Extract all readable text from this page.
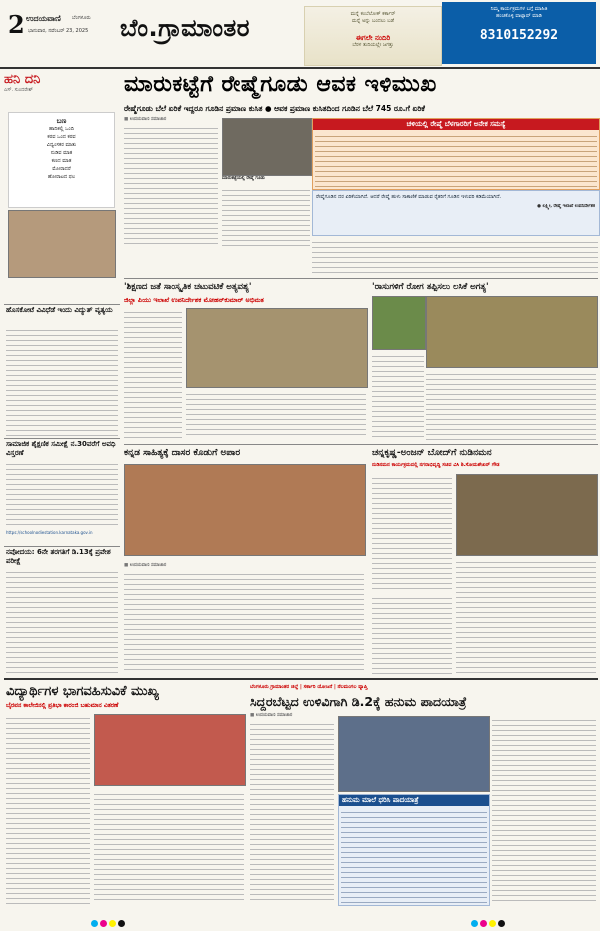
2 ಉದಯವಾಣಿ ಬೆಂಗಳೂರು
ಭಾನುವಾರ, ನವೆಂಬರ್ 23, 2025 ಬೆಂ.ಗ್ರಾಮಾಂತರ	ಮನ್ನೆ ಕಂಬೆಲೋಕ್ ಕರ್ಕಾರ್
ಮನ್ನೆ ಅನ್ನು ಬಂದಲು ಬಡೆ
ಈಗಲೇ ನಂದಿರಿ
ಬೆರಳ ತುದಿಯಲ್ಲೇ ಜಗತ್ತು
ನಿಮ್ಮ ಕಾರ್ಯಕ್ರಮಗಳ ಬಗ್ಗೆ ಮಾಹಿತಿ
ಹಂಚಿಕೊಳ್ಳಿ ವಾಟ್ಸಾಪ್ ಮಾಡಿ
8310152292
ಹನಿ ದನಿ
ಎಸ್. ಸುಂದರೇಶ್
ಬಣ
ಹಾದಿಕಲ್ಲಿ ಒಂದಿ
ಕರವ ಒಂದ ಕರವ
ವಿಧ್ವಂಸಕರ ಮಾತು
ನುಡಿವ ಮಾತ
ಕಣದ ಮಾತ
ಮೋರಾದರೆ
ಹೋರಾಟದ ಫಲ
ಮಾರುಕಟ್ಟೆಗೆ ರೇಷ್ಮೆಗೂಡು ಆವಕ ಇಳಿಮುಖ
ರೇಷ್ಮೆಗೂಡು ಬೆಲೆ ಏರಿಕೆ ಇದ್ದರೂ ಗೂಡಿನ ಪ್ರಮಾಣ ಕುಸಿತ ● ಆವಕ ಪ್ರಮಾಣ ಕುಸಿತದಿಂದ ಗೂಡಿನ ಬೆಲೆ 745 ರೂ.ಗೆ ಏರಿಕೆ
■ ಉದಯವಾಣಿ ಸಮಾಚಾರ
ಮಾರುಕಟ್ಟೆಯಲ್ಲಿ ರೇಷ್ಮೆ ಗೂಡು
ಚಳಿಯಲ್ಲಿ ರೇಷ್ಮೆ ಬೆಳಗಾರರಿಗೆ ಅನೇಕ ಸಮಸ್ಯೆ
ರೇಷ್ಮೆಗೂಡಿನ ದರ ಏರಿಕೆಯಾಗಿದೆ. ಆದರೆ ರೇಷ್ಮೆ ಹುಳು ಸಾಕಾಣಿಕೆ ಮಾಡುವ ರೈತರಿಗೆ ಗೂಡಿನ ಇಳುವರಿ ಕಡಿಮೆಯಾಗಿದೆ.
● ಲಕ್ಷ್ಮೀ, ರೇಷ್ಮೆ ಇಲಾಖೆ ಉಪನಿರ್ದೇಶಕ
ಹೊಸಕೋಟೆ ವಿವಿಧೆಡೆ ಇಂದು ವಿದ್ಯುತ್ ವ್ಯತ್ಯಯ
ಸಾಮಾಜಿಕ ಶೈಕ್ಷಣಿಕ ಸಮೀಕ್ಷೆ ನ.30ವರೆಗೆ ಅವಧಿ ವಿಸ್ತರಣೆ
https://schoolnodiestation.karnataka.gov.in
ನವೋದಯ: 6ನೇ ತರಗತಿಗೆ ಡಿ.13ಕ್ಕೆ ಪ್ರವೇಶ ಪರೀಕ್ಷೆ
'ಶಿಕ್ಷಣದ ಜತೆ ಸಾಂಸ್ಕೃತಿಕ ಚಟುವಟಿಕೆ ಅತ್ಯವಶ್ಯ'
ಜಿಲ್ಲಾ ಪಿಯು ಇಲಾಖೆ ಉಪನಿರ್ದೇಶಕ ಮೋಹನ್‌ಕುಮಾರ್ ಅಭಿಮತ
'ರಾಸುಗಳಿಗೆ ರೋಗ ತಪ್ಪಿಸಲು ಲಸಿಕೆ ಅಗತ್ಯ'
ಕನ್ನಡ ಸಾಹಿತ್ಯಕ್ಕೆ ದಾಸರ ಕೊಡುಗೆ ಅಪಾರ
■ ಉದಯವಾಣಿ ಸಮಾಚಾರ
ಚನ್ನಕೃಷ್ಣ-ಅಂಜನ್ ಬೋದ್‌ಗೆ ನುಡಿನಮನ
ನುಡಿನಮನ ಕಾರ್ಯಕ್ರಮದಲ್ಲಿ ನಗರಾಭಿವೃದ್ಧಿ ಸಚಿವ ವಿಸಿ ಶಿ.ಸೋಮಶೇಖರ್ ಗೌಡ
ವಿದ್ಯಾರ್ಥಿಗಳ ಭಾಗವಹಿಸುವಿಕೆ ಮುಖ್ಯ
ಬೈರವನ ಕಾಲೇಜಿನಲ್ಲಿ ಪ್ರತಿಭಾ ಕಾರಂಜಿ ಬಹುಮಾನ ವಿತರಣೆ
ಬೆಂಗಳೂರು ಗ್ರಾಮಾಂತರ ಜಿಲ್ಲೆ | ಸರ್ಕಾರಿ ಯೋಜನೆ | ನೆಲಮಂಗಲ ವ್ಯಾಪ್ತಿ
ಸಿದ್ದರಬೆಟ್ಟದ ಉಳಿವಿಗಾಗಿ ಡಿ.2ಕ್ಕೆ ಹನುಮ ಪಾದಯಾತ್ರೆ
■ ಉದಯವಾಣಿ ಸಮಾಚಾರ
ಹನುಮ ಮಾಲೆ ಧರಿಸಿ ಪಾದಯಾತ್ರೆ
